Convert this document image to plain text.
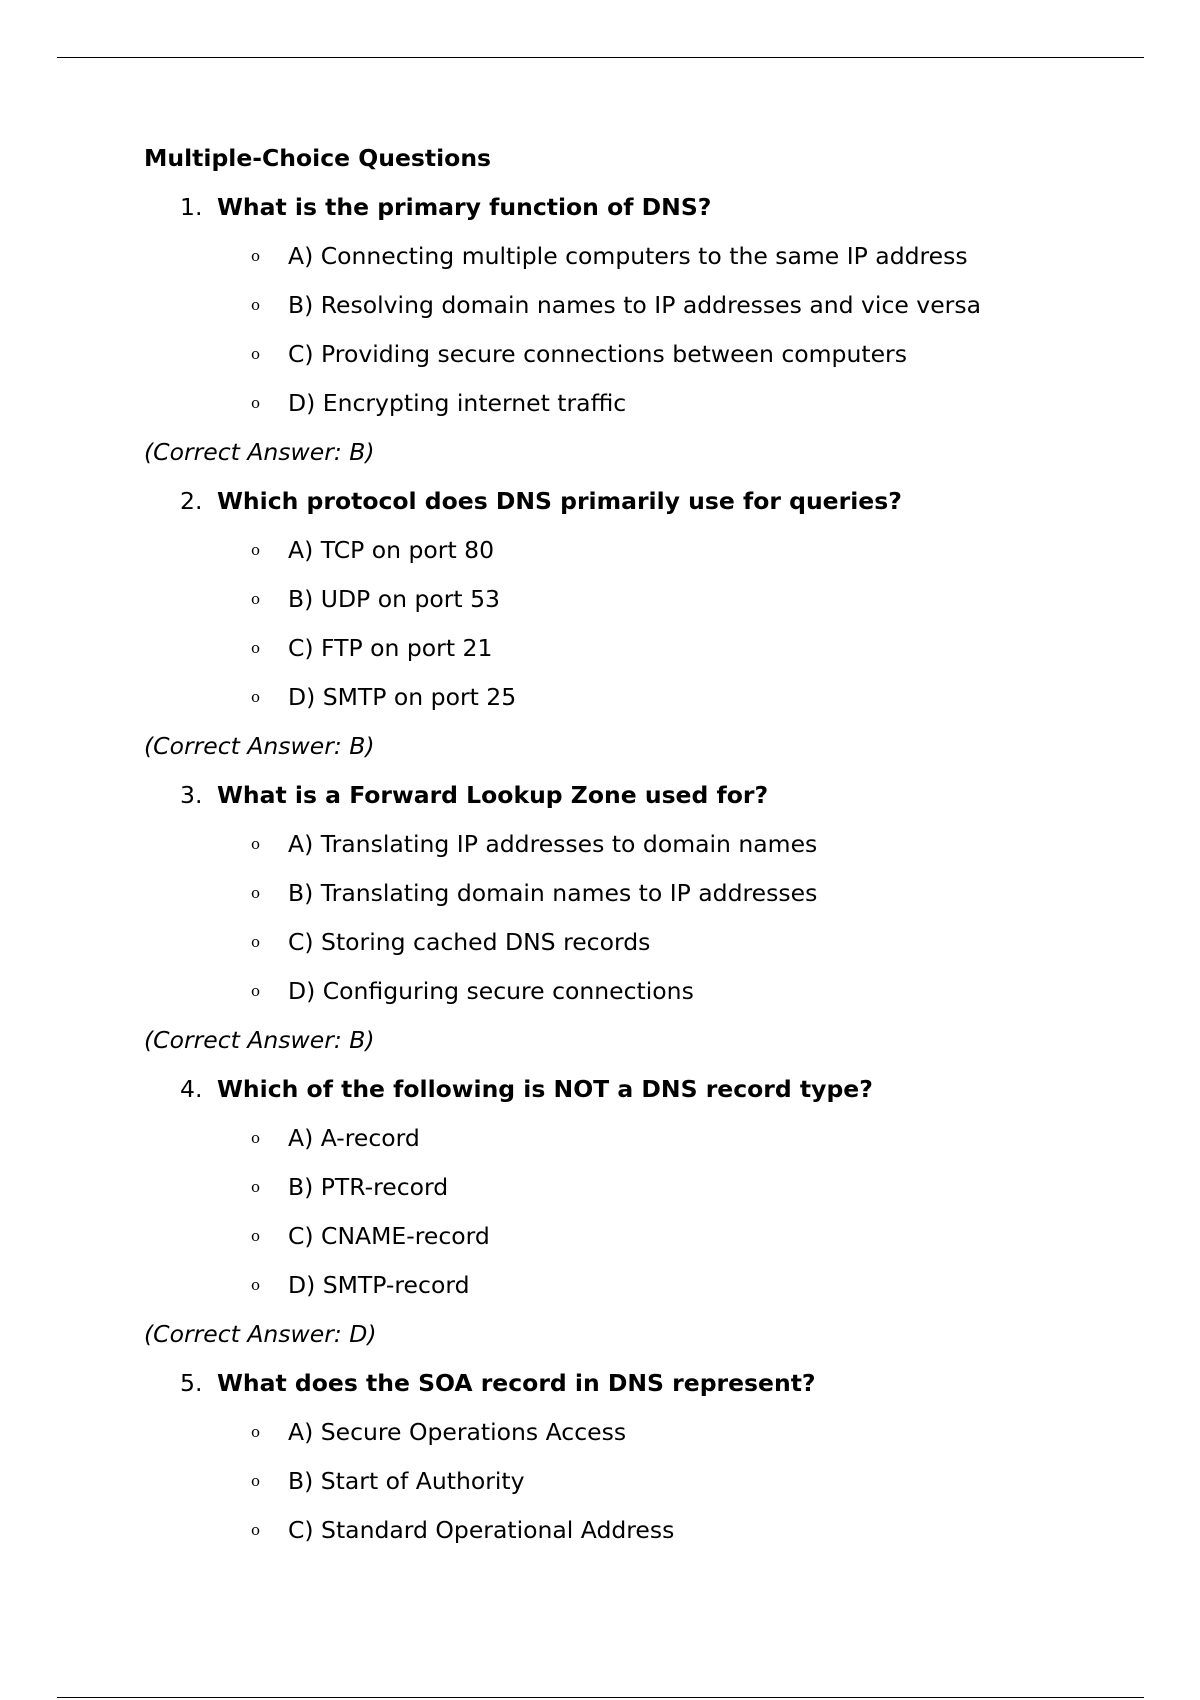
Multiple-Choice Questions
1. What is the primary function of DNS?
o A) Connecting multiple computers to the same IP address
o B) Resolving domain names to IP addresses and vice versa
o C) Providing secure connections between computers
o D) Encrypting internet traffic
(Correct Answer: B)
2. Which protocol does DNS primarily use for queries?
o A) TCP on port 80
o B) UDP on port 53
o C) FTP on port 21
o D) SMTP on port 25
(Correct Answer: B)
3. What is a Forward Lookup Zone used for?
o A) Translating IP addresses to domain names
o B) Translating domain names to IP addresses
o C) Storing cached DNS records
o D) Configuring secure connections
(Correct Answer: B)
4. Which of the following is NOT a DNS record type?
o A) A-record
o B) PTR-record
o C) CNAME-record
o D) SMTP-record
(Correct Answer: D)
5. What does the SOA record in DNS represent?
o A) Secure Operations Access
o B) Start of Authority
o C) Standard Operational Address
